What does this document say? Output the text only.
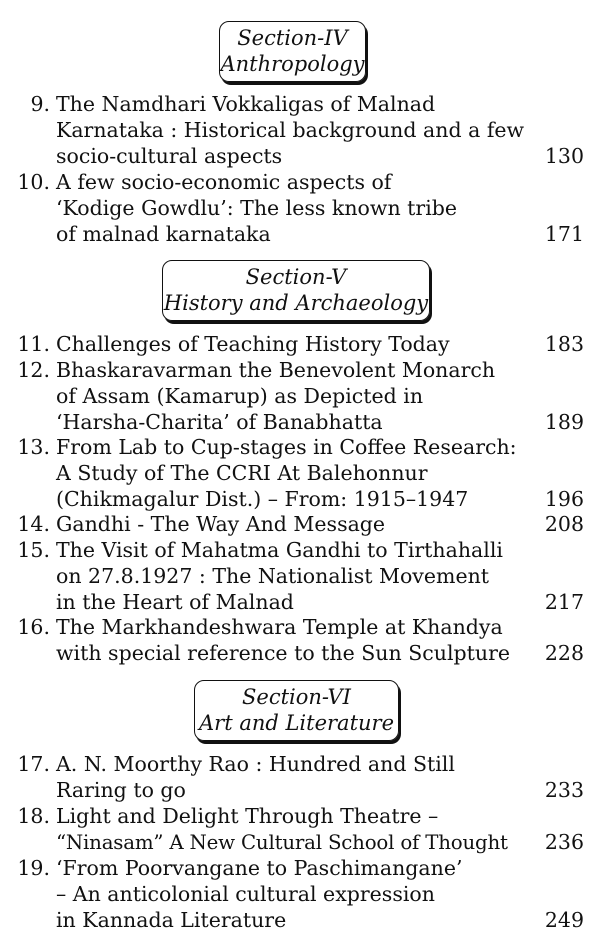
Section-IV
Anthropology
9. The Namdhari Vokkaligas of Malnad
Karnataka : Historical background and a few
socio-cultural aspects	130
10. A few socio-economic aspects of
‘Kodige Gowdlu’: The less known tribe
of malnad karnataka	171
Section-V
History and Archaeology
11. Challenges of Teaching History Today	183
12. Bhaskaravarman the Benevolent Monarch
of Assam (Kamarup) as Depicted in
‘Harsha-Charita’ of Banabhatta	189
13. From Lab to Cup-stages in Coffee Research:
A Study of The CCRI At Balehonnur
(Chikmagalur Dist.) – From: 1915–1947	196
14. Gandhi - The Way And Message	208
15. The Visit of Mahatma Gandhi to Tirthahalli
on 27.8.1927 : The Nationalist Movement
in the Heart of Malnad	217
16. The Markhandeshwara Temple at Khandya
with special reference to the Sun Sculpture	228
Section-VI
Art and Literature
17. A. N. Moorthy Rao : Hundred and Still
Raring to go	233
18. Light and Delight Through Theatre –
“Ninasam” A New Cultural School of Thought	236
19. ‘From Poorvangane to Paschimangane’
– An anticolonial cultural expression
in Kannada Literature	249
